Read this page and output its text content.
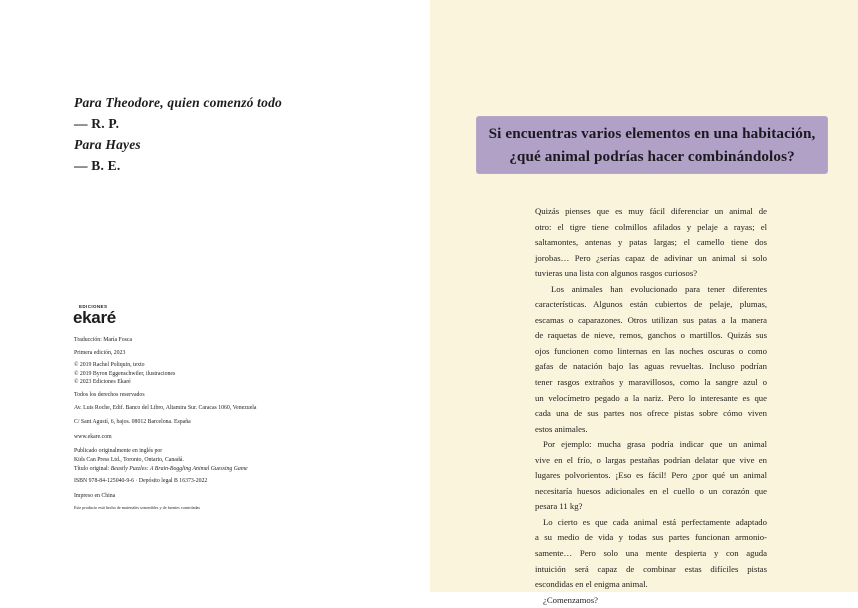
Para Theodore, quien comenzó todo
— R. P.
Para Hayes
— B. E.
EDICIONES
ekaré
Traducción: María Fosca
Primera edición, 2023
© 2019 Rachel Poliquin, texto
© 2019 Byron Eggenschwiler, ilustraciones
© 2023 Ediciones Ekaré
Todos los derechos reservados
Av. Luis Roche, Edif. Banco del Libro, Altamira Sur. Caracas 1060, Venezuela
C/ Sant Agustí, 6, bajos. 08012 Barcelona. España
www.ekare.com
Publicado originalmente en inglés por
Kids Can Press Ltd., Toronto, Ontario, Canadá.
Título original: Beastly Puzzles: A Brain-Boggling Animal Guessing Game
ISBN 978-84-125040-9-6 · Depósito legal B 16373-2022
Impreso en China
Este producto está hecho de materiales sostenibles y de fuentes controladas
Si encuentras varios elementos en una habitación,
¿qué animal podrías hacer combinándolos?

Quizás pienses que es muy fácil diferenciar un animal de
otro: el tigre tiene colmillos afilados y pelaje a rayas; el
saltamontes, antenas y patas largas; el camello tiene dos
jorobas… Pero ¿serías capaz de adivinar un animal si solo
tuvieras una lista con algunos rasgos curiosos?

Los animales han evolucionado para tener diferentes
características. Algunos están cubiertos de pelaje, plumas,
escamas o caparazones. Otros utilizan sus patas a la manera
de raquetas de nieve, remos, ganchos o martillos. Quizás sus
ojos funcionen como linternas en las noches oscuras o como
gafas de natación bajo las aguas revueltas. Incluso podrían
tener rasgos extraños y maravillosos, como la sangre azul o
un velocímetro pegado a la nariz. Pero lo interesante es que
cada una de sus partes nos ofrece pistas sobre cómo viven
estos animales.

Por ejemplo: mucha grasa podría indicar que un animal
vive en el frío, o largas pestañas podrían delatar que vive en
lugares polvorientos. ¡Eso es fácil! Pero ¿por qué un animal
necesitaría huesos adicionales en el cuello o un corazón que
pesara 11 kg?

Lo cierto es que cada animal está perfectamente adaptado
a su medio de vida y todas sus partes funcionan armonio-
samente… Pero solo una mente despierta y con aguda
intuición será capaz de combinar estas difíciles pistas
escondidas en el enigma animal.

¿Comenzamos?
